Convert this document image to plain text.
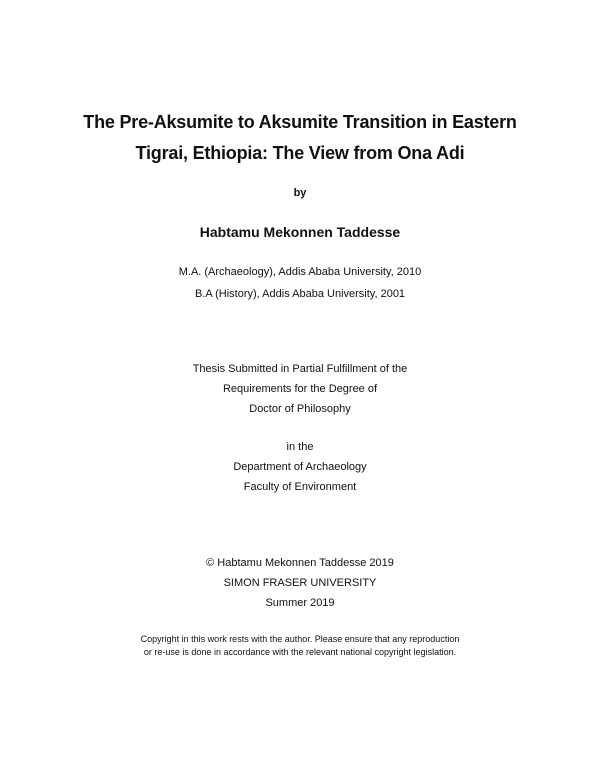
The Pre-Aksumite to Aksumite Transition in Eastern
Tigrai, Ethiopia: The View from Ona Adi
by
Habtamu Mekonnen Taddesse
M.A. (Archaeology), Addis Ababa University, 2010
B.A (History), Addis Ababa University, 2001
Thesis Submitted in Partial Fulfillment of the
Requirements for the Degree of
Doctor of Philosophy
in the
Department of Archaeology
Faculty of Environment
© Habtamu Mekonnen Taddesse 2019
SIMON FRASER UNIVERSITY
Summer 2019
Copyright in this work rests with the author. Please ensure that any reproduction
or re-use is done in accordance with the relevant national copyright legislation.
